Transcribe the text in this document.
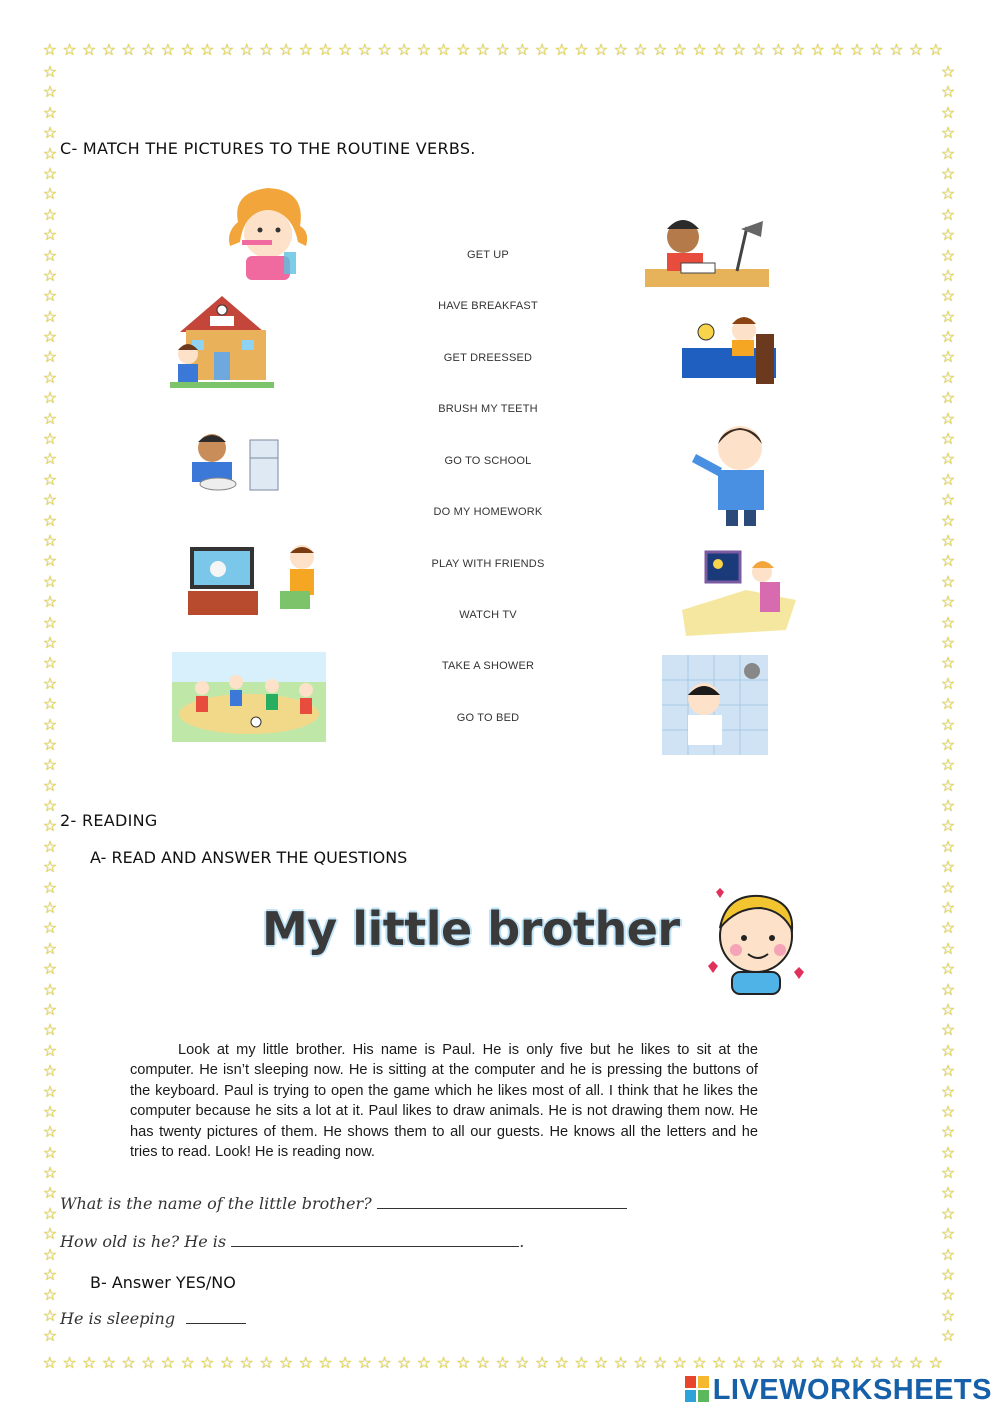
☆ ☆ ☆ ☆ ☆ ☆ ☆ ☆ ☆ ☆ ☆ ☆ ☆ ☆ ☆ ☆ ☆ ☆ ☆ ☆ ☆ ☆ ☆ ☆ ☆ ☆ ☆ ☆ ☆ ☆ ☆ ☆ ☆ ☆ ☆ ☆ ☆ ☆ ☆ ☆ ☆ ☆ ☆ ☆ ☆ ☆
☆ ☆ ☆ ☆ ☆ ☆ ☆ ☆ ☆ ☆ ☆ ☆ ☆ ☆ ☆ ☆ ☆ ☆ ☆ ☆ ☆ ☆ ☆ ☆ ☆ ☆ ☆ ☆ ☆ ☆ ☆ ☆ ☆ ☆ ☆ ☆ ☆ ☆ ☆ ☆ ☆ ☆ ☆ ☆ ☆ ☆
☆
☆
☆
☆
☆
☆
☆
☆
☆
☆
☆
☆
☆
☆
☆
☆
☆
☆
☆
☆
☆
☆
☆
☆
☆
☆
☆
☆
☆
☆
☆
☆
☆
☆
☆
☆
☆
☆
☆
☆
☆
☆
☆
☆
☆
☆
☆
☆
☆
☆
☆
☆
☆
☆
☆
☆
☆
☆
☆
☆
☆
☆
☆
☆
☆
☆
☆
☆
☆
☆
☆
☆
☆
☆
☆
☆
☆
☆
☆
☆
☆
☆
☆
☆
☆
☆
☆
☆
☆
☆
☆
☆
☆
☆
☆
☆
☆
☆
☆
☆
☆
☆
☆
☆
☆
☆
☆
☆
☆
☆
☆
☆
☆
☆
☆
☆
☆
☆
☆
☆
☆
☆
☆
☆
☆
☆
C- MATCH THE PICTURES TO THE ROUTINE VERBS.
GET UP
HAVE BREAKFAST
GET DREESSED
BRUSH MY TEETH
GO TO SCHOOL
DO MY HOMEWORK
PLAY WITH FRIENDS
WATCH TV
TAKE A SHOWER
GO TO BED
2- READING
A- READ AND ANSWER THE QUESTIONS
My little brother
Look at my little brother. His name is Paul. He is only five but he likes to sit at the computer. He isn’t sleeping now. He is sitting at the computer and he is pressing the buttons of the keyboard. Paul is trying to open the game which he likes most of all. I think that he likes the computer because he sits a lot at it. Paul likes to draw animals. He is not drawing them now. He has twenty pictures of them. He shows them to all our guests. He knows all the letters and he tries to read. Look! He is reading now.
What is the name of the little brother?
How old is he? He is	.
B- Answer YES/NO
He is sleeping
LIVEWORKSHEETS
